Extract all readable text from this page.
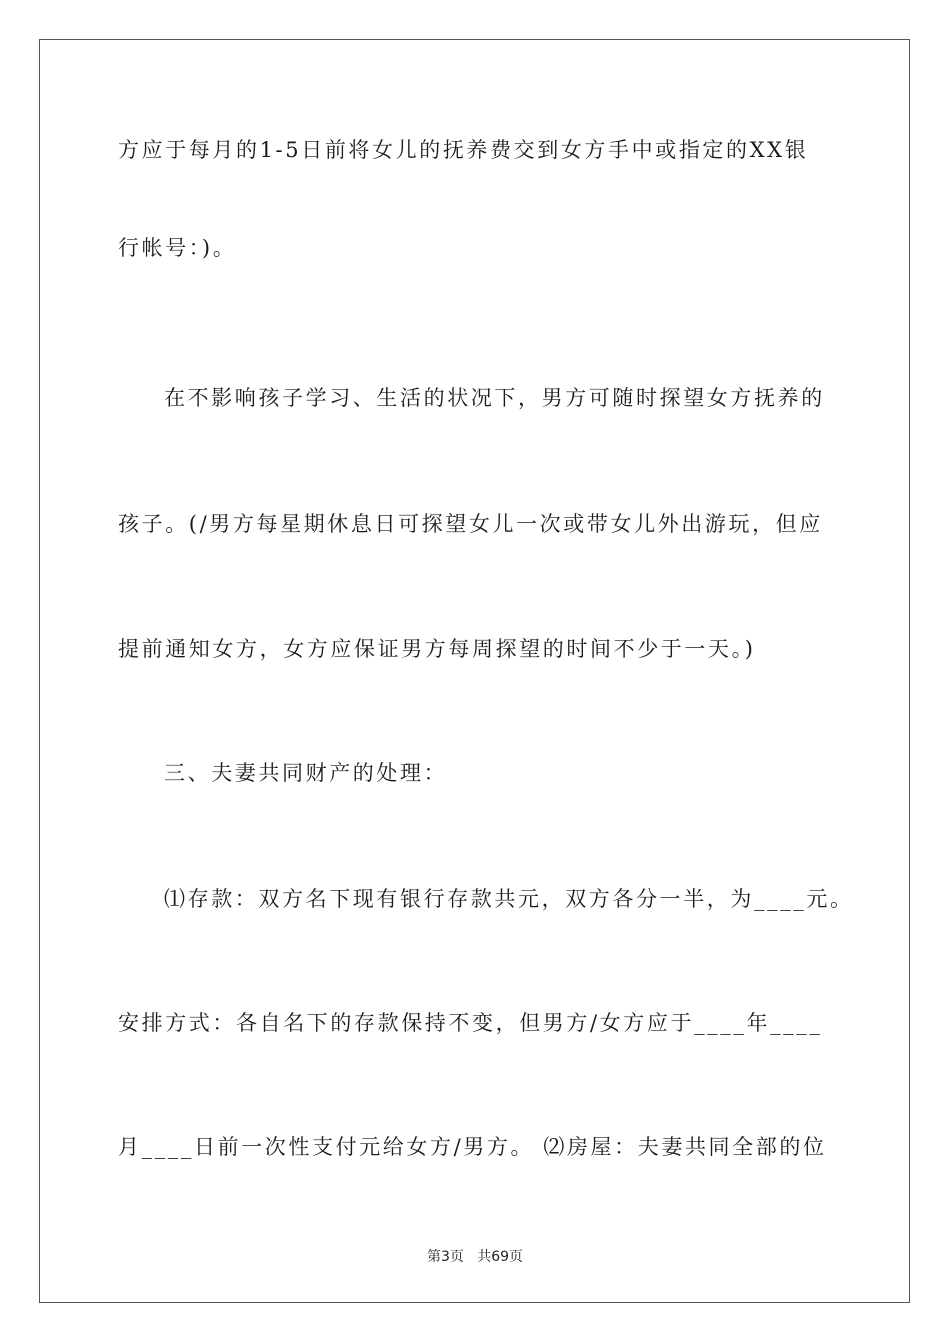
方应于每月的1-5日前将女儿的抚养费交到女方手中或指定的XX银
行帐号：)。
在不影响孩子学习、生活的状况下，男方可随时探望女方抚养的
孩子。(/男方每星期休息日可探望女儿一次或带女儿外出游玩，但应
提前通知女方，女方应保证男方每周探望的时间不少于一天。)
三、夫妻共同财产的处理：
⑴存款：双方名下现有银行存款共元，双方各分一半，为____元。
安排方式：各自名下的存款保持不变，但男方/女方应于____年____
月____日前一次性支付元给女方/男方。 ⑵房屋：夫妻共同全部的位
第3页   共69页
